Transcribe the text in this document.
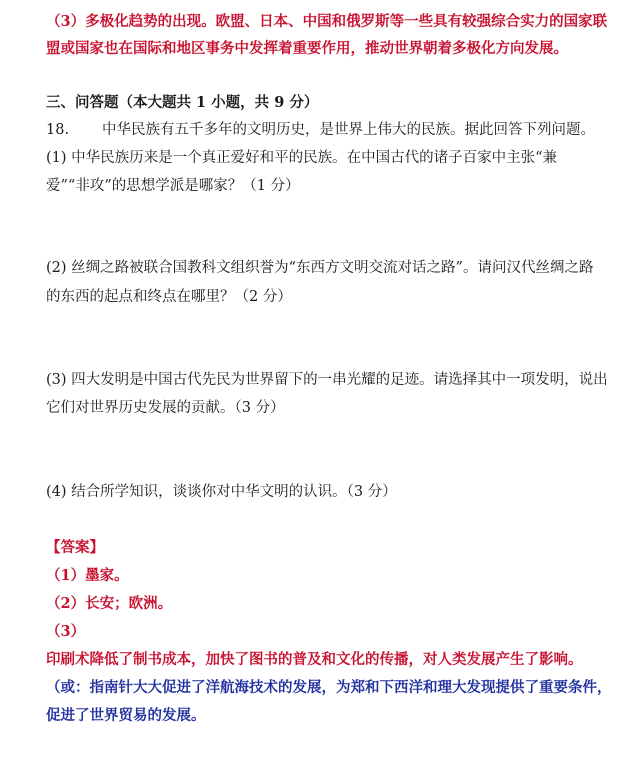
（3）多极化趋势的出现。欧盟、日本、中国和俄罗斯等一些具有较强综合实力的国家联
盟或国家也在国际和地区事务中发挥着重要作用，推动世界朝着多极化方向发展。
三、问答题（本大题共 1 小题，共 9 分）
18. 中华民族有五千多年的文明历史，是世界上伟大的民族。据此回答下列问题。
(1) 中华民族历来是一个真正爱好和平的民族。在中国古代的诸子百家中主张“兼
爱”“非攻”的思想学派是哪家？（1 分）
(2) 丝绸之路被联合国教科文组织誉为“东西方文明交流对话之路”。请问汉代丝绸之路
的东西的起点和终点在哪里？（2 分）
(3) 四大发明是中国古代先民为世界留下的一串光耀的足迹。请选择其中一项发明，说出
它们对世界历史发展的贡献。（3 分）
(4) 结合所学知识，谈谈你对中华文明的认识。（3 分）
【答案】
（1）墨家。
（2）长安；欧洲。
（3）
印刷术降低了制书成本，加快了图书的普及和文化的传播，对人类发展产生了影响。
（或：指南针大大促进了洋航海技术的发展，为郑和下西洋和理大发现提供了重要条件，
促进了世界贸易的发展。
